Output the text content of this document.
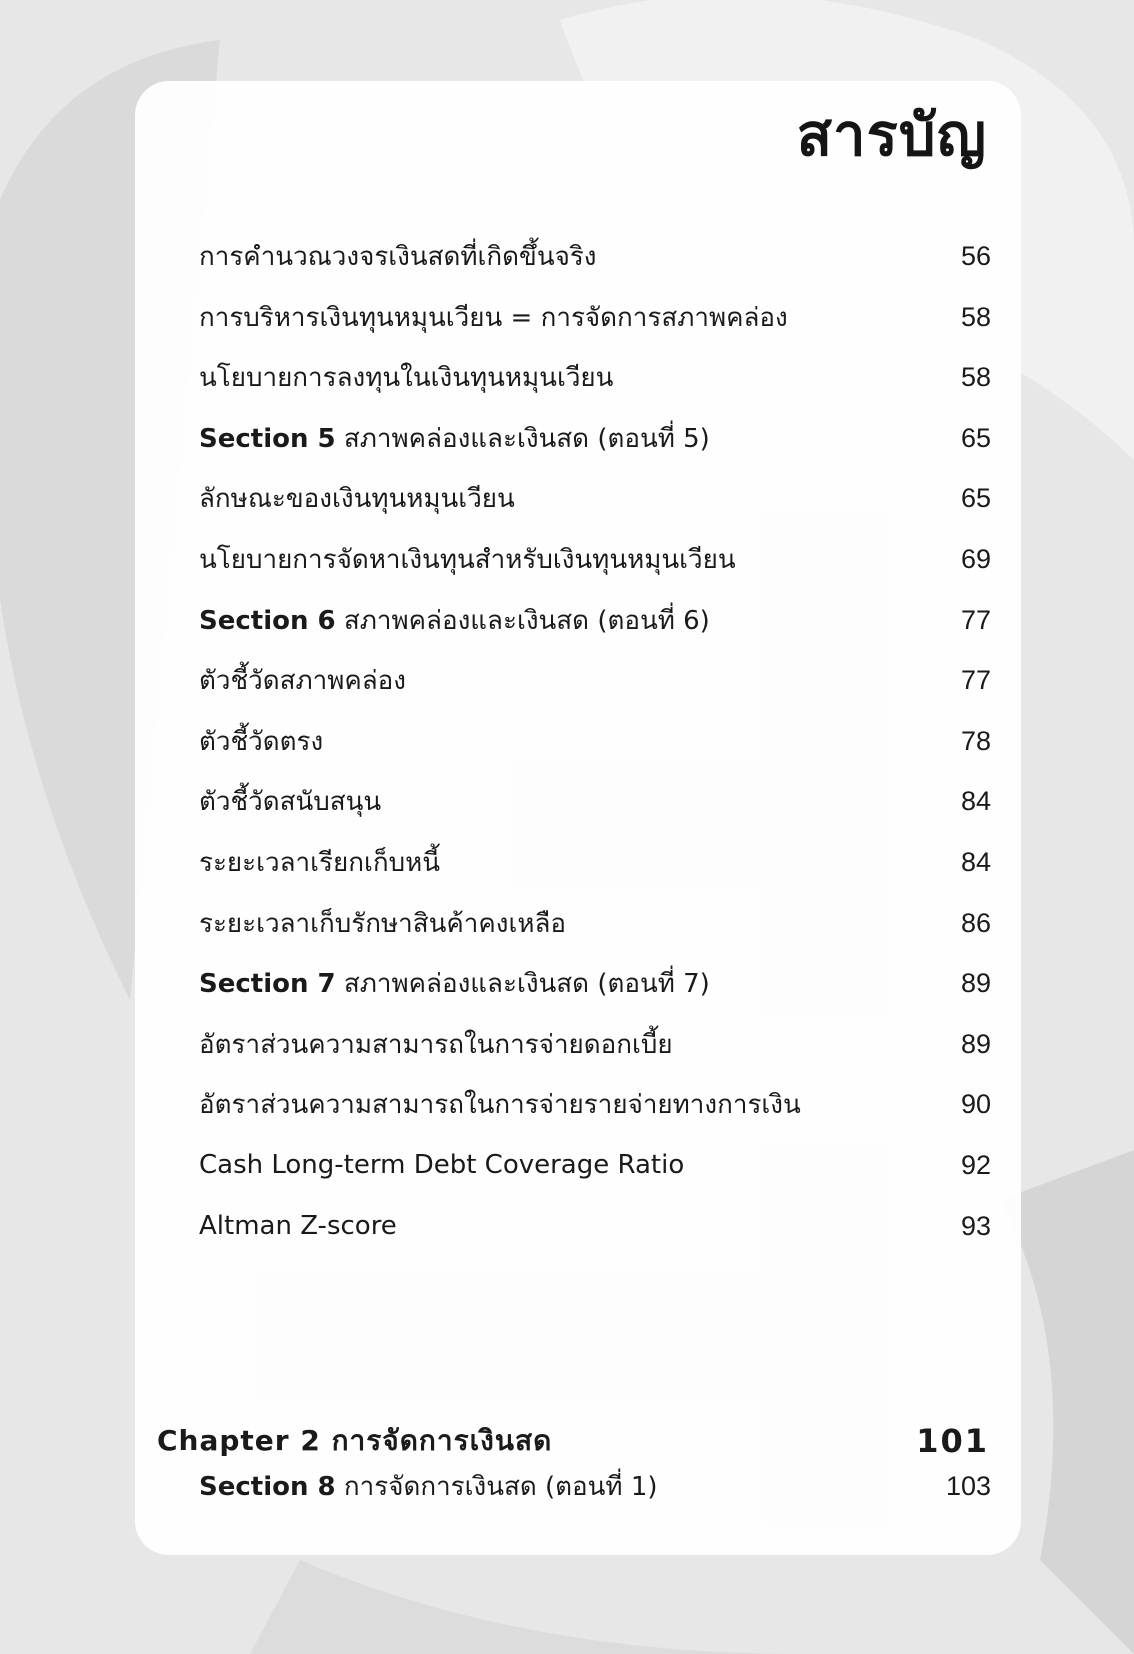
สารบัญ
การคำนวณวงจรเงินสดที่เกิดขึ้นจริง	56
การบริหารเงินทุนหมุนเวียน = การจัดการสภาพคล่อง	58
นโยบายการลงทุนในเงินทุนหมุนเวียน	58
Section 5 สภาพคล่องและเงินสด (ตอนที่ 5)	65
ลักษณะของเงินทุนหมุนเวียน	65
นโยบายการจัดหาเงินทุนสำหรับเงินทุนหมุนเวียน	69
Section 6 สภาพคล่องและเงินสด (ตอนที่ 6)	77
ตัวชี้วัดสภาพคล่อง	77
ตัวชี้วัดตรง	78
ตัวชี้วัดสนับสนุน	84
ระยะเวลาเรียกเก็บหนี้	84
ระยะเวลาเก็บรักษาสินค้าคงเหลือ	86
Section 7 สภาพคล่องและเงินสด (ตอนที่ 7)	89
อัตราส่วนความสามารถในการจ่ายดอกเบี้ย	89
อัตราส่วนความสามารถในการจ่ายรายจ่ายทางการเงิน	90
Cash Long-term Debt Coverage Ratio	92
Altman Z-score	93
Chapter 2 การจัดการเงินสด	101
Section 8 การจัดการเงินสด (ตอนที่ 1)	103
